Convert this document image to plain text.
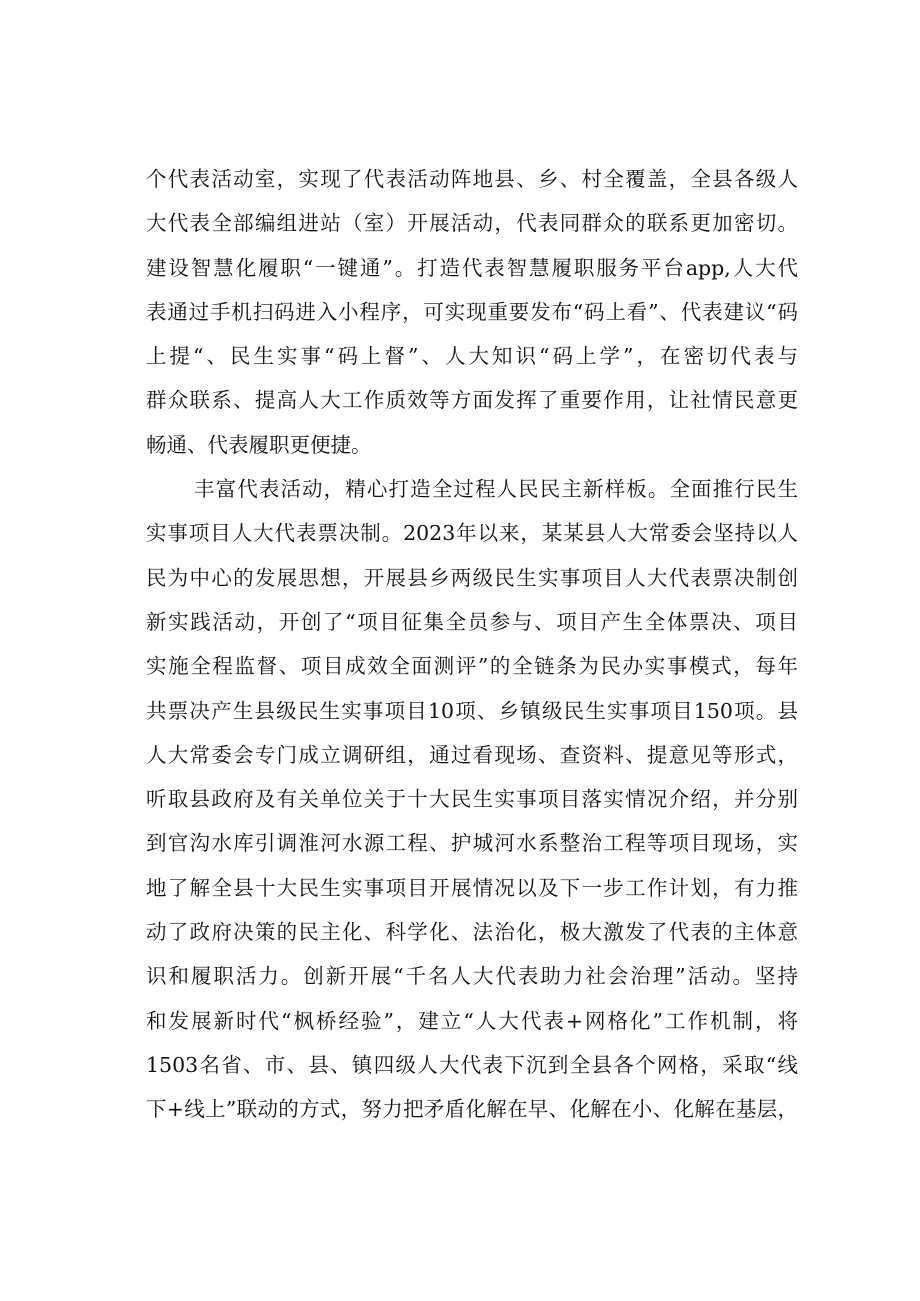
个代表活动室，实现了代表活动阵地县、乡、村全覆盖，全县各级人
大代表全部编组进站（室）开展活动，代表同群众的联系更加密切。
建设智慧化履职“一键通”。打造代表智慧履职服务平台app,人大代
表通过手机扫码进入小程序，可实现重要发布“码上看”、代表建议“码
上提“、民生实事“码上督”、人大知识“码上学”，在密切代表与
群众联系、提高人大工作质效等方面发挥了重要作用，让社情民意更
畅通、代表履职更便捷。
丰富代表活动，精心打造全过程人民民主新样板。全面推行民生
实事项目人大代表票决制。2023年以来，某某县人大常委会坚持以人
民为中心的发展思想，开展县乡两级民生实事项目人大代表票决制创
新实践活动，开创了“项目征集全员参与、项目产生全体票决、项目
实施全程监督、项目成效全面测评”的全链条为民办实事模式，每年
共票决产生县级民生实事项目10项、乡镇级民生实事项目150项。县
人大常委会专门成立调研组，通过看现场、查资料、提意见等形式，
听取县政府及有关单位关于十大民生实事项目落实情况介绍，并分别
到官沟水库引调淮河水源工程、护城河水系整治工程等项目现场，实
地了解全县十大民生实事项目开展情况以及下一步工作计划，有力推
动了政府决策的民主化、科学化、法治化，极大激发了代表的主体意
识和履职活力。创新开展“千名人大代表助力社会治理”活动。坚持
和发展新时代“枫桥经验”，建立“人大代表+网格化”工作机制，将
1503名省、市、县、镇四级人大代表下沉到全县各个网格，采取“线
下+线上”联动的方式，努力把矛盾化解在早、化解在小、化解在基层，
